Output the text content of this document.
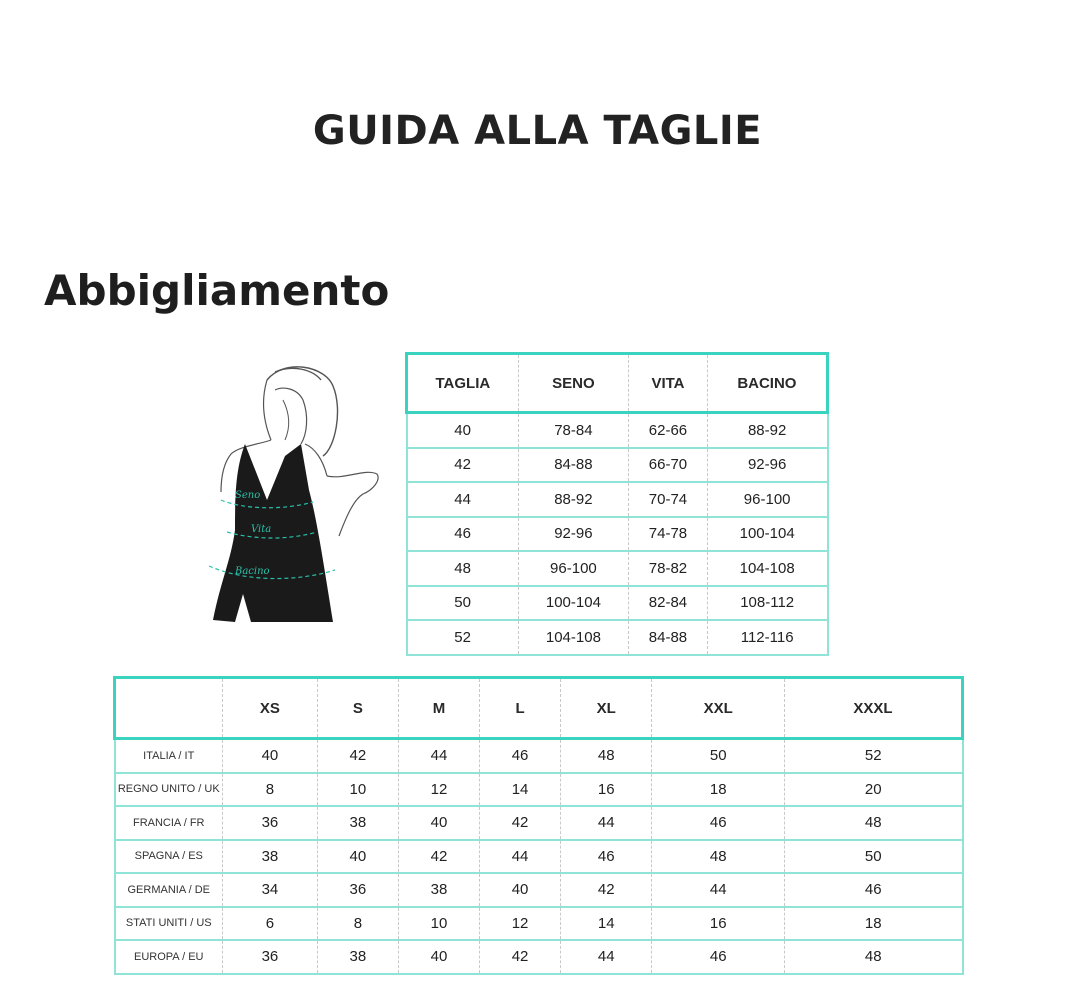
GUIDA ALLA TAGLIE
Abbigliamento
Seno
Vita
Bacino
TAGLIA	SENO	VITA	BACINO
40	78-84	62-66	88-92
42	84-88	66-70	92-96
44	88-92	70-74	96-100
46	92-96	74-78	100-104
48	96-100	78-82	104-108
50	100-104	82-84	108-112
52	104-108	84-88	112-116
	XS	S	M	L	XL	XXL	XXXL
ITALIA / IT	40	42	44	46	48	50	52
REGNO UNITO / UK	8	10	12	14	16	18	20
FRANCIA / FR	36	38	40	42	44	46	48
SPAGNA / ES	38	40	42	44	46	48	50
GERMANIA / DE	34	36	38	40	42	44	46
STATI UNITI / US	6	8	10	12	14	16	18
EUROPA / EU	36	38	40	42	44	46	48
